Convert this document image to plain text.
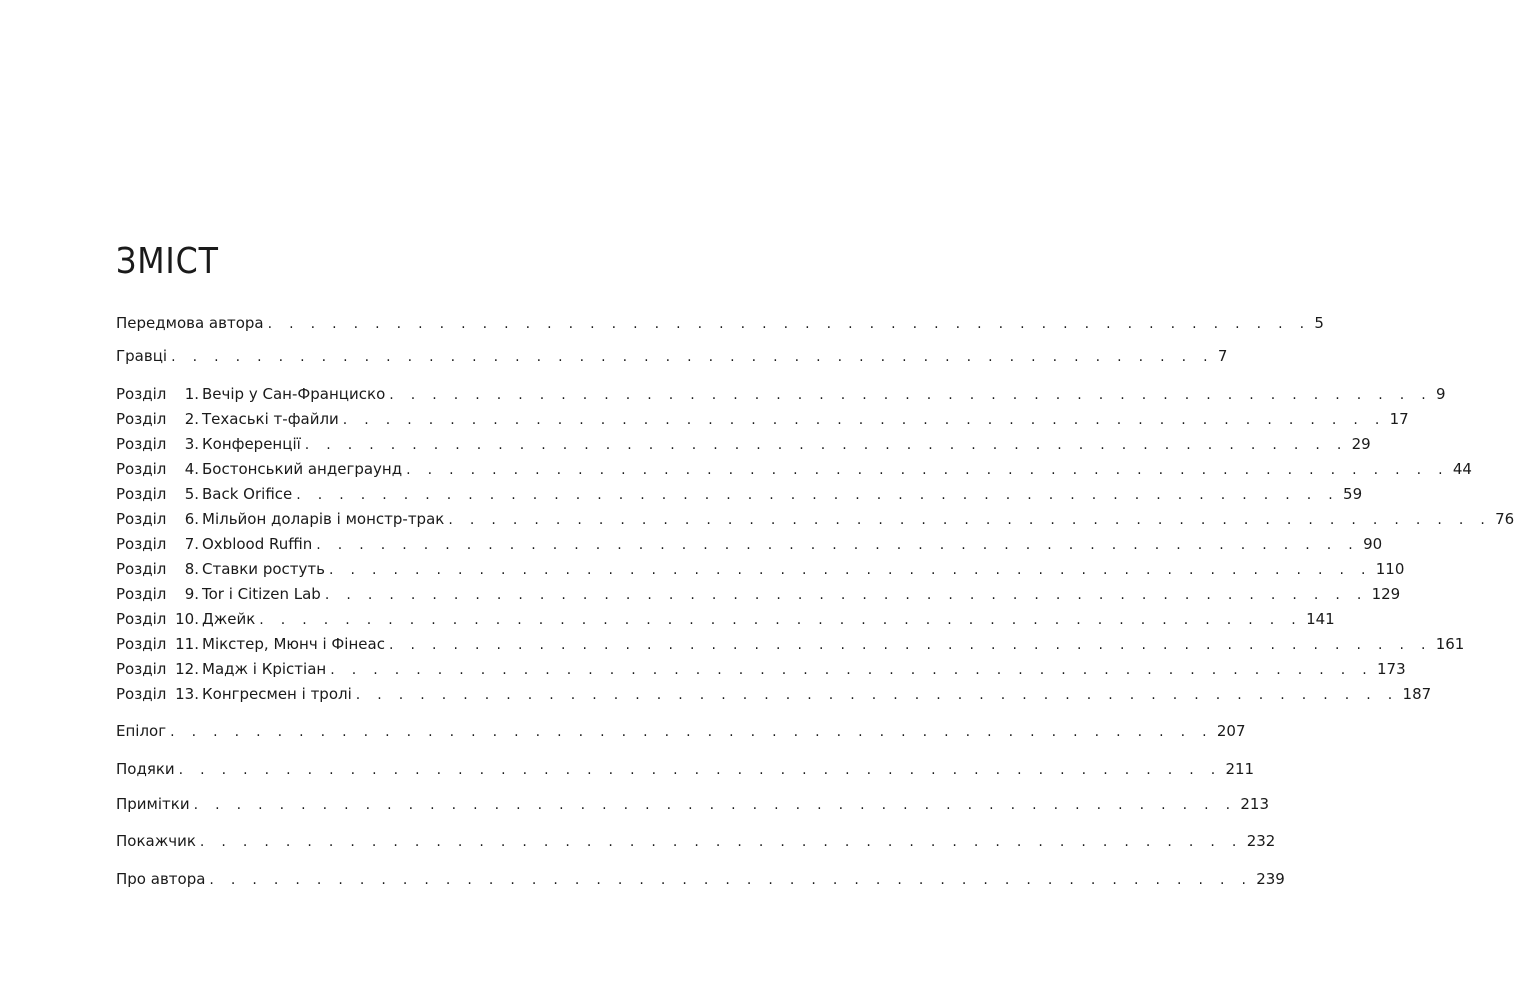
ЗМІСТ
Передмова автора . . . . . . . . . . . . . . . . . . . . . . . . . . . . . . . . . . . . . . . . . . . . . . . . . 5
Гравці . . . . . . . . . . . . . . . . . . . . . . . . . . . . . . . . . . . . . . . . . . . . . . . . . 7
Розділ	1. Вечір у Сан-Франциско . . . . . . . . . . . . . . . . . . . . . . . . . . . . . . . . . . . . . . . . . . . . . . . . . 9
Розділ	2. Техаські т-файли . . . . . . . . . . . . . . . . . . . . . . . . . . . . . . . . . . . . . . . . . . . . . . . . . 17
Розділ	3. Конференції . . . . . . . . . . . . . . . . . . . . . . . . . . . . . . . . . . . . . . . . . . . . . . . . . 29
Розділ	4. Бостонський андеграунд . . . . . . . . . . . . . . . . . . . . . . . . . . . . . . . . . . . . . . . . . . . . . . . . . 44
Розділ	5. Back Orifice . . . . . . . . . . . . . . . . . . . . . . . . . . . . . . . . . . . . . . . . . . . . . . . . . 59
Розділ	6. Мільйон доларів і монстр-трак . . . . . . . . . . . . . . . . . . . . . . . . . . . . . . . . . . . . . . . . . . . . . . . . . 76
Розділ	7. Oxblood Ruffin . . . . . . . . . . . . . . . . . . . . . . . . . . . . . . . . . . . . . . . . . . . . . . . . . 90
Розділ	8. Ставки ростуть . . . . . . . . . . . . . . . . . . . . . . . . . . . . . . . . . . . . . . . . . . . . . . . . . 110
Розділ	9. Tor і Citizen Lab . . . . . . . . . . . . . . . . . . . . . . . . . . . . . . . . . . . . . . . . . . . . . . . . . 129
Розділ 10. Джейк . . . . . . . . . . . . . . . . . . . . . . . . . . . . . . . . . . . . . . . . . . . . . . . . . 141
Розділ 11. Мікстер, Мюнч і Фінеас . . . . . . . . . . . . . . . . . . . . . . . . . . . . . . . . . . . . . . . . . . . . . . . . . 161
Розділ 12. Мадж і Крістіан . . . . . . . . . . . . . . . . . . . . . . . . . . . . . . . . . . . . . . . . . . . . . . . . . 173
Розділ 13. Конгресмен і тролі . . . . . . . . . . . . . . . . . . . . . . . . . . . . . . . . . . . . . . . . . . . . . . . . . 187
Епілог . . . . . . . . . . . . . . . . . . . . . . . . . . . . . . . . . . . . . . . . . . . . . . . . . 207
Подяки . . . . . . . . . . . . . . . . . . . . . . . . . . . . . . . . . . . . . . . . . . . . . . . . . 211
Примітки . . . . . . . . . . . . . . . . . . . . . . . . . . . . . . . . . . . . . . . . . . . . . . . . . 213
Покажчик . . . . . . . . . . . . . . . . . . . . . . . . . . . . . . . . . . . . . . . . . . . . . . . . . 232
Про автора . . . . . . . . . . . . . . . . . . . . . . . . . . . . . . . . . . . . . . . . . . . . . . . . . 239
